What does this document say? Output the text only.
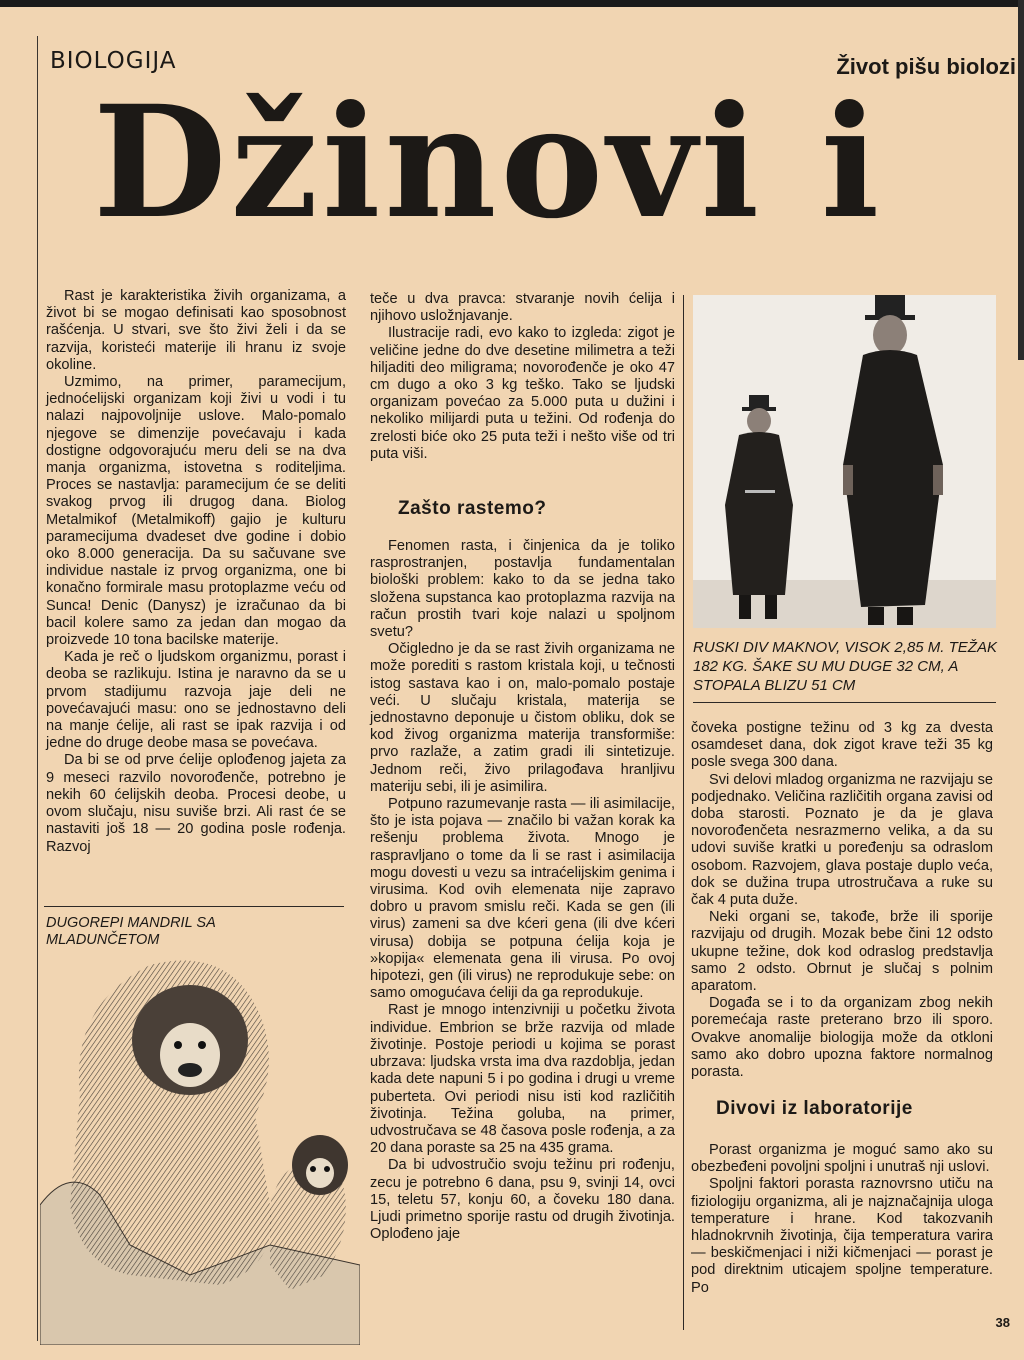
BIOLOGIJA	Život pišu biolozi
Džinovi i

Rast je karakteristika živih organizama, a život bi se mogao definisati kao sposobnost rašćenja. U stvari, sve što živi želi i da se razvija, koristeći materije ili hranu iz svoje okoline.

Uzmimo, na primer, paramecijum, jednoćelijski organizam koji živi u vodi i tu nalazi najpovoljnije uslove. Malo-pomalo njegove se dimenzije povećavaju i kada dostigne odgovorajuću meru deli se na dva manja organizma, istovetna s roditeljima. Proces se nastavlja: paramecijum će se deliti svakog prvog ili drugog dana. Biolog Metalmikof (Metalmikoff) gajio je kulturu paramecijuma dvadeset dve godine i dobio oko 8.000 generacija. Da su sačuvane sve individue nastale iz prvog organizma, one bi konačno formirale masu protoplazme veću od Sunca! Denic (Danysz) je izračunao da bi bacil kolere samo za jedan dan mogao da proizvede 10 tona bacilske materije.

Kada je reč o ljudskom organizmu, porast i deoba se razlikuju. Istina je naravno da se u prvom stadijumu razvoja jaje deli ne povećavajući masu: ono se jednostavno deli na manje ćelije, ali rast se ipak razvija i od jedne do druge deobe masa se povećava.

Da bi se od prve ćelije oplođenog jajeta za 9 meseci razvilo novorođenče, potrebno je nekih 60 ćelijskih deoba. Procesi deobe, u ovom slučaju, nisu suviše brzi. Ali rast će se nastaviti još 18 — 20 godina posle rođenja. Razvoj

DUGOREPI MANDRIL SA MLADUNČETOM

teče u dva pravca: stvaranje novih ćelija i njihovo usložnjavanje.

Ilustracije radi, evo kako to izgleda: zigot je veličine jedne do dve desetine milimetra a teži hiljaditi deo miligrama; novorođenče je oko 47 cm dugo a oko 3 kg teško. Tako se ljudski organizam povećao za 5.000 puta u dužini i nekoliko milijardi puta u težini. Od rođenja do zrelosti biće oko 25 puta teži i nešto više od tri puta viši.

Zašto rastemo?

Fenomen rasta, i činjenica da je toliko rasprostranjen, postavlja fundamentalan biološki problem: kako to da se jedna tako složena supstanca kao protoplazma razvija na račun prostih tvari koje nalazi u spoljnom svetu?

Očigledno je da se rast živih organizama ne može porediti s rastom kristala koji, u tečnosti istog sastava kao i on, malo-pomalo postaje veći. U slučaju kristala, materija se jednostavno deponuje u čistom obliku, dok se kod živog organizma materija transformiše: prvo razlaže, a zatim gradi ili sintetizuje. Jednom reči, živo prilagođava hranljivu materiju sebi, ili je asimilira.

Potpuno razumevanje rasta — ili asimilacije, što je ista pojava — značilo bi važan korak ka rešenju problema života. Mnogo je raspravljano o tome da li se rast i asimilacija mogu dovesti u vezu sa intraćelijskim genima i virusima. Kod ovih elemenata nije zapravo dobro u pravom smislu reči. Kada se gen (ili virus) zameni sa dve kćeri gena (ili dve kćeri virusa) dobija se potpuna ćelija koja je »kopija« elemenata gena ili virusa. Po ovoj hipotezi, gen (ili virus) ne reprodukuje sebe: on samo omogućava ćeliji da ga reprodukuje.

Rast je mnogo intenzivniji u početku života individue. Embrion se brže razvija od mlade životinje. Postoje periodi u kojima se porast ubrzava: ljudska vrsta ima dva razdoblja, jedan kada dete napuni 5 i po godina i drugi u vreme puberteta. Ovi periodi nisu isti kod različitih životinja. Težina goluba, na primer, udvostručava se 48 časova posle rođenja, a za 20 dana poraste sa 25 na 435 grama.

Da bi udvostručio svoju težinu pri rođenju, zecu je potrebno 6 dana, psu 9, svinji 14, ovci 15, teletu 57, konju 60, a čoveku 180 dana. Ljudi primetno sporije rastu od drugih životinja. Oplođeno jaje

RUSKI DIV MAKNOV, VISOK 2,85 M. TEŽAK 182 KG. ŠAKE SU MU DUGE 32 CM, A STOPALA BLIZU 51 CM

čoveka postigne težinu od 3 kg za dvesta osamdeset dana, dok zigot krave teži 35 kg posle svega 300 dana.

Svi delovi mladog organizma ne razvijaju se podjednako. Veličina različitih organa zavisi od doba starosti. Poznato je da je glava novorođenčeta nesrazmerno velika, a da su udovi suviše kratki u poređenju sa odraslom osobom. Razvojem, glava postaje duplo veća, dok se dužina trupa utrostručava a ruke su čak 4 puta duže.

Neki organi se, takođe, brže ili sporije razvijaju od drugih. Mozak bebe čini 12 odsto ukupne težine, dok kod odraslog predstavlja samo 2 odsto. Obrnut je slučaj s polnim aparatom.

Događa se i to da organizam zbog nekih poremećaja raste preterano brzo ili sporo. Ovakve anomalije biologija može da otkloni samo ako dobro upozna faktore normalnog porasta.

Divovi iz laboratorije

Porast organizma je moguć samo ako su obezbeđeni povoljni spoljni i unutraš nji uslovi.

Spoljni faktori porasta raznovrsno utiču na fiziologiju organizma, ali je najznačajnija uloga temperature i hrane. Kod takozvanih hladnokrvnih životinja, čija temperatura varira — beskičmenjaci i niži kičmenjaci — porast je pod direktnim uticajem spoljne temperature. Po

38
